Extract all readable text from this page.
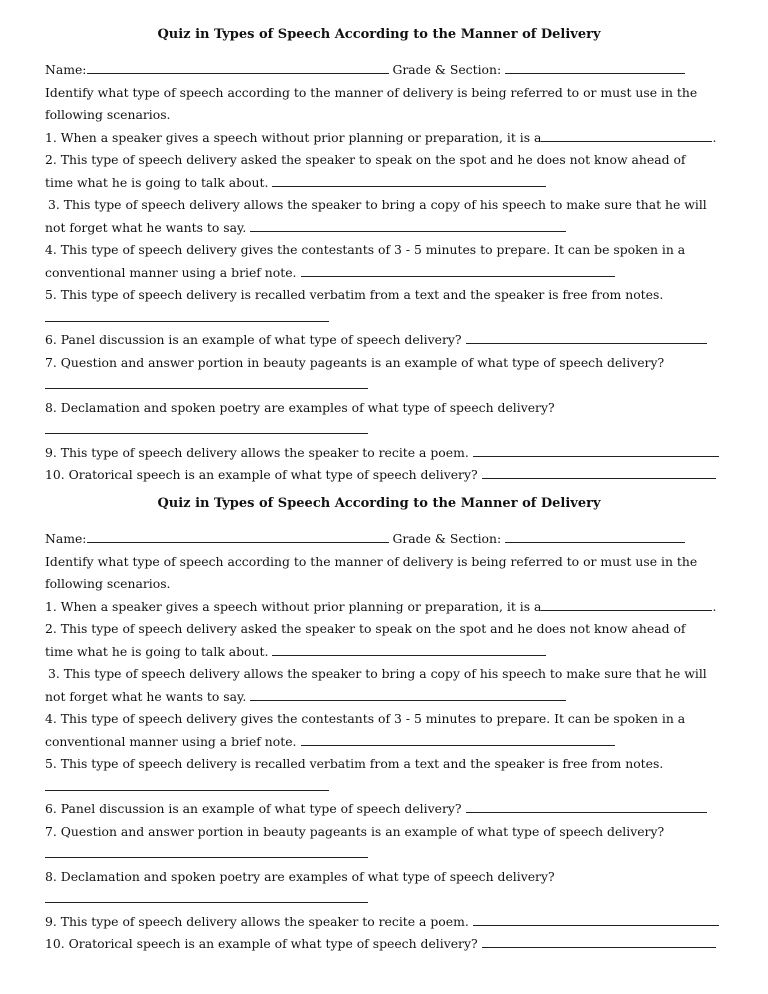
Quiz in Types of Speech According to the Manner of Delivery
Name:	Grade & Section:
Identify what type of speech according to the manner of delivery is being referred to or must use in the
following scenarios.
1. When a speaker gives a speech without prior planning or preparation, it is a	.
2. This type of speech delivery asked the speaker to speak on the spot and he does not know ahead of
time what he is going to talk about.
3. This type of speech delivery allows the speaker to bring a copy of his speech to make sure that he will
not forget what he wants to say.
4. This type of speech delivery gives the contestants of 3 - 5 minutes to prepare. It can be spoken in a
conventional manner using a brief note.
5. This type of speech delivery is recalled verbatim from a text and the speaker is free from notes.
6. Panel discussion is an example of what type of speech delivery?
7. Question and answer portion in beauty pageants is an example of what type of speech delivery?
8. Declamation and spoken poetry are examples of what type of speech delivery?
9. This type of speech delivery allows the speaker to recite a poem.
10. Oratorical speech is an example of what type of speech delivery?
Quiz in Types of Speech According to the Manner of Delivery
Name:	Grade & Section:
Identify what type of speech according to the manner of delivery is being referred to or must use in the
following scenarios.
1. When a speaker gives a speech without prior planning or preparation, it is a	.
2. This type of speech delivery asked the speaker to speak on the spot and he does not know ahead of
time what he is going to talk about.
3. This type of speech delivery allows the speaker to bring a copy of his speech to make sure that he will
not forget what he wants to say.
4. This type of speech delivery gives the contestants of 3 - 5 minutes to prepare. It can be spoken in a
conventional manner using a brief note.
5. This type of speech delivery is recalled verbatim from a text and the speaker is free from notes.
6. Panel discussion is an example of what type of speech delivery?
7. Question and answer portion in beauty pageants is an example of what type of speech delivery?
8. Declamation and spoken poetry are examples of what type of speech delivery?
9. This type of speech delivery allows the speaker to recite a poem.
10. Oratorical speech is an example of what type of speech delivery?
